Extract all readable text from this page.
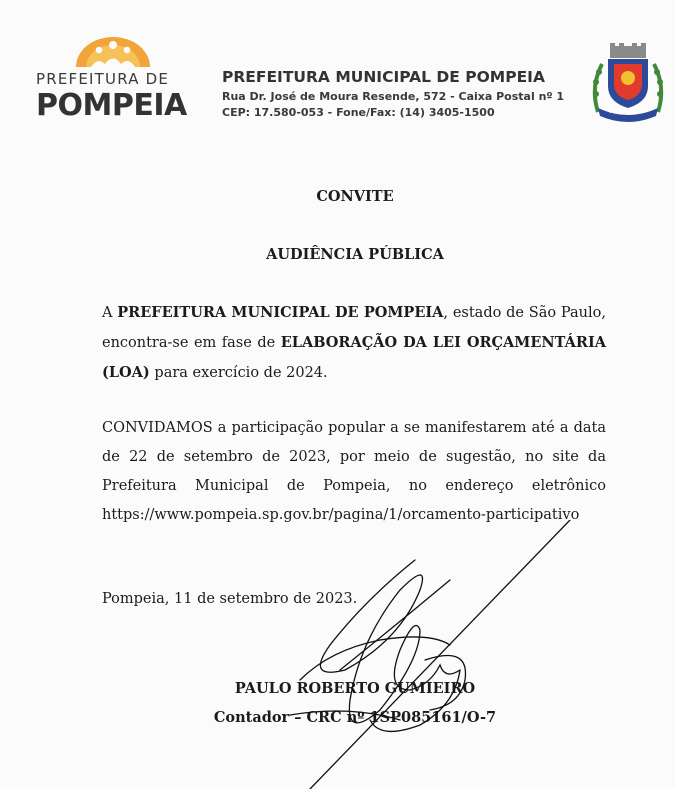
PREFEITURA DE
POMPEIA
PREFEITURA MUNICIPAL DE POMPEIA
Rua Dr. José de Moura Resende, 572 - Caixa Postal nº 1
CEP: 17.580-053 - Fone/Fax: (14) 3405-1500	POMPEIA SP
CONVITE
AUDIÊNCIA PÚBLICA
A PREFEITURA MUNICIPAL DE POMPEIA, estado de São Paulo, encontra-se em fase de ELABORAÇÃO DA LEI ORÇAMENTÁRIA (LOA) para exercício de 2024.
CONVIDAMOS a participação popular a se manifestarem até a data de 22 de setembro de 2023, por meio de sugestão, no site da Prefeitura Municipal de Pompeia, no endereço eletrônico https://www.pompeia.sp.gov.br/pagina/1/orcamento-participativo
Pompeia, 11 de setembro de 2023.
PAULO ROBERTO GUMIEIRO
Contador – CRC nº 1SP085161/O-7
